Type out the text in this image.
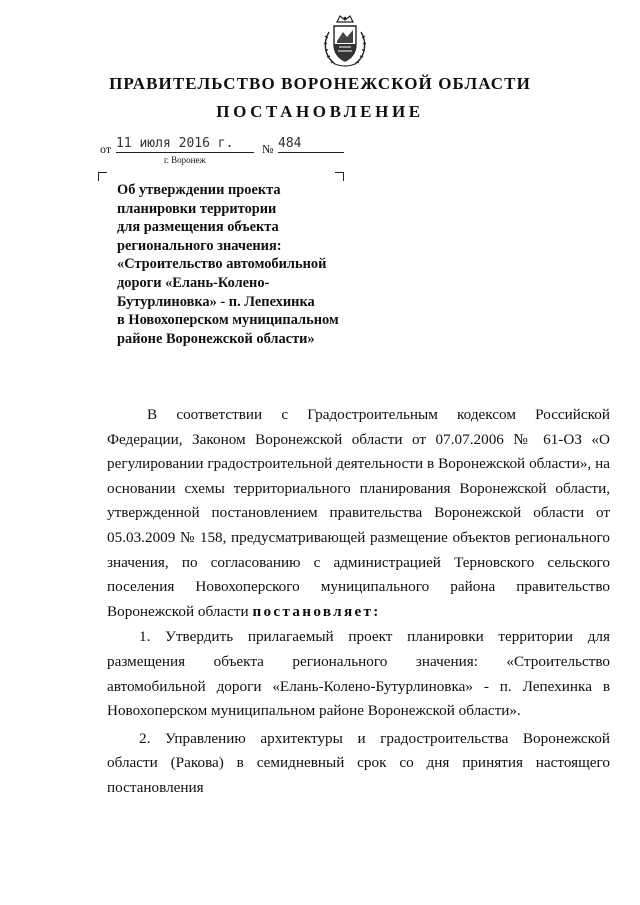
ПРАВИТЕЛЬСТВО ВОРОНЕЖСКОЙ ОБЛАСТИ
ПОСТАНОВЛЕНИЕ
от 11 июля 2016 г.	№ 484
г. Воронеж
Об утверждении проекта
планировки территории
для размещения объекта
регионального значения:
«Строительство автомобильной
дороги «Елань-Колено-
Бутурлиновка» - п. Лепехинка
в Новохоперском муниципальном
районе Воронежской области»

В соответствии с Градостроительным кодексом Российской Федерации, Законом Воронежской области от 07.07.2006 № 61-ОЗ «О регулировании градостроительной деятельности в Воронежской области», на основании схемы территориального планирования Воронежской области, утвержденной постановлением правительства Воронежской области от 05.03.2009 № 158, предусматривающей размещение объектов регионального значения, по согласованию с администрацией Терновского сельского поселения Новохоперского муниципального района правительство Воронежской области постановляет:

1. Утвердить прилагаемый проект планировки территории для размещения объекта регионального значения: «Строительство автомобильной дороги «Елань-Колено-Бутурлиновка» - п. Лепехинка в Новохоперском муниципальном районе Воронежской области».

2. Управлению архитектуры и градостроительства Воронежской области (Ракова) в семидневный срок со дня принятия настоящего постановления
